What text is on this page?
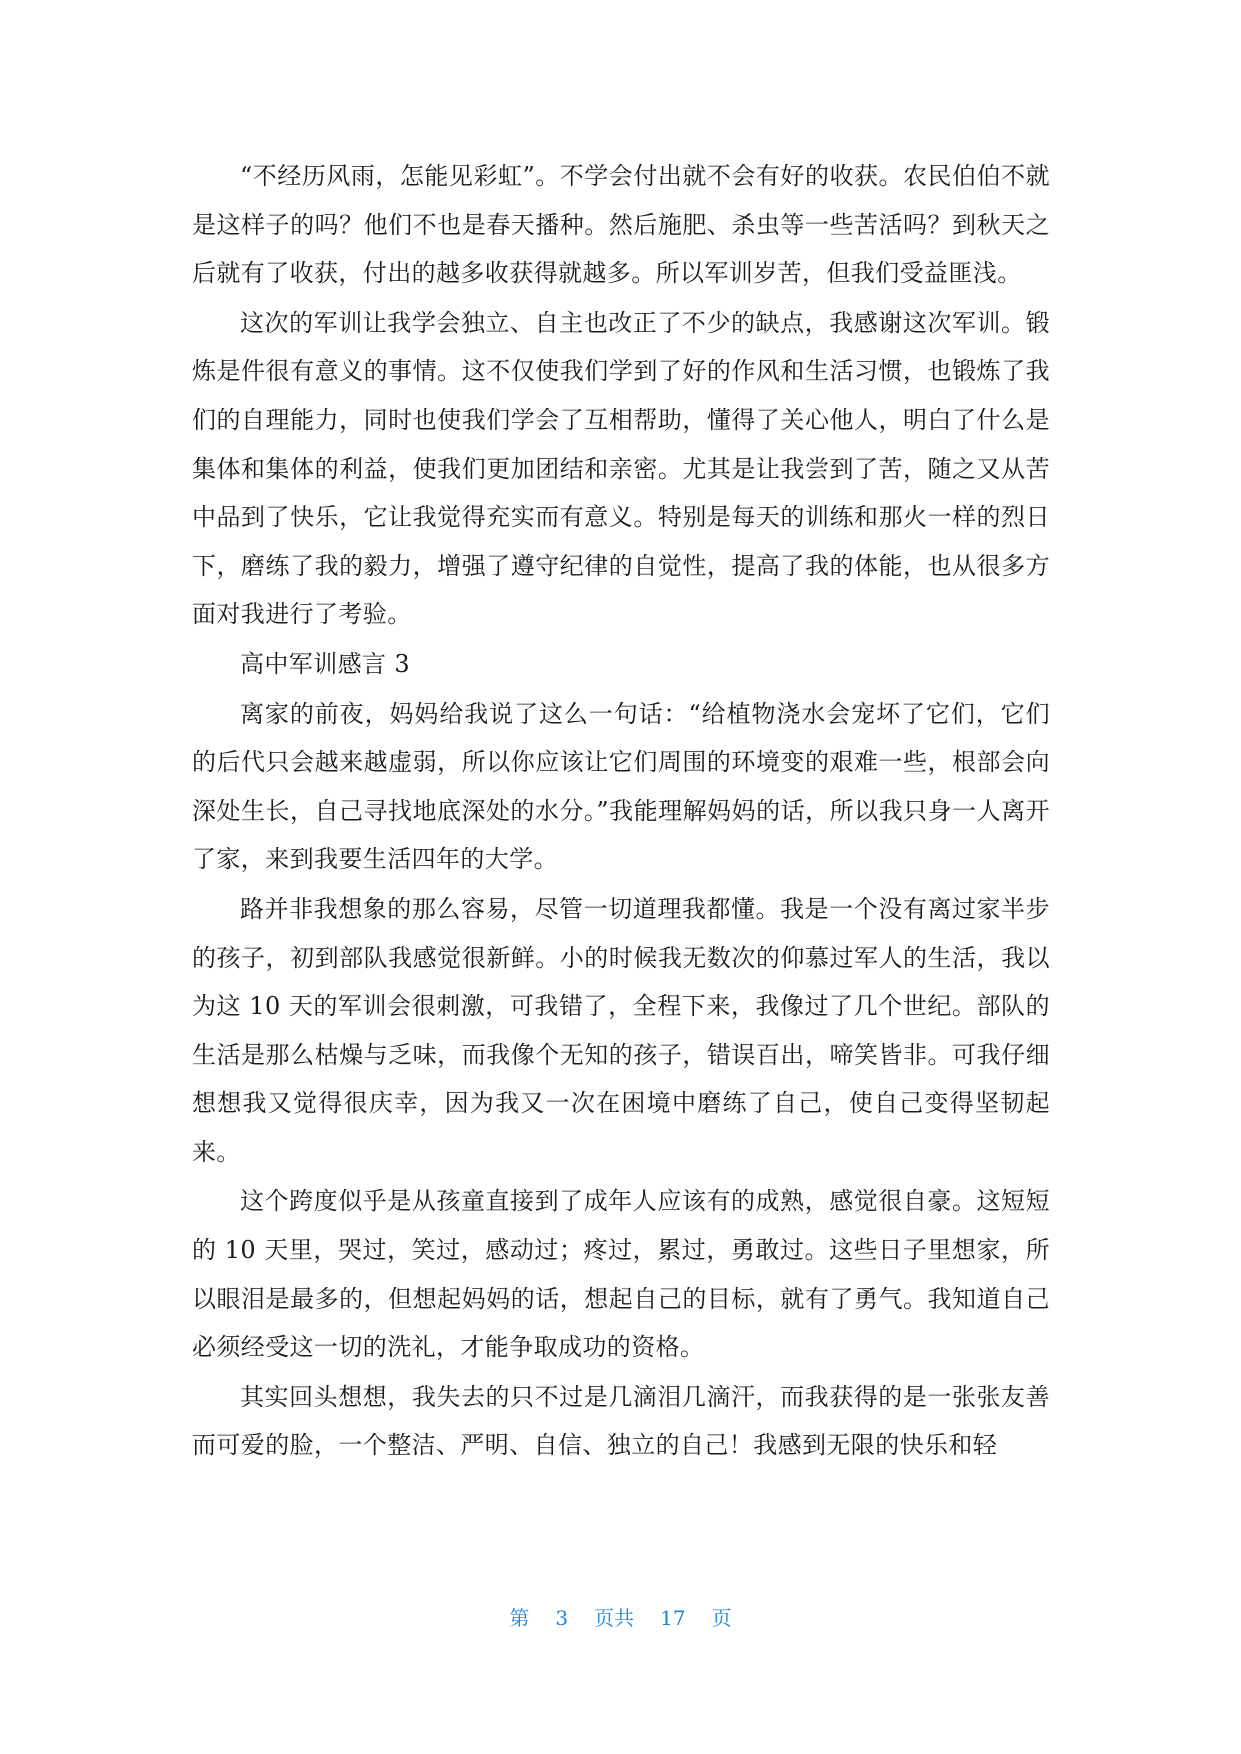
“不经历风雨，怎能见彩虹”。不学会付出就不会有好的收获。农民伯伯不就是这样子的吗？他们不也是春天播种。然后施肥、杀虫等一些苦活吗？到秋天之后就有了收获，付出的越多收获得就越多。所以军训岁苦，但我们受益匪浅。

这次的军训让我学会独立、自主也改正了不少的缺点，我感谢这次军训。锻炼是件很有意义的事情。这不仅使我们学到了好的作风和生活习惯，也锻炼了我们的自理能力，同时也使我们学会了互相帮助，懂得了关心他人，明白了什么是集体和集体的利益，使我们更加团结和亲密。尤其是让我尝到了苦，随之又从苦中品到了快乐，它让我觉得充实而有意义。特别是每天的训练和那火一样的烈日下，磨练了我的毅力，增强了遵守纪律的自觉性，提高了我的体能，也从很多方面对我进行了考验。

高中军训感言 3

离家的前夜，妈妈给我说了这么一句话：“给植物浇水会宠坏了它们，它们的后代只会越来越虚弱，所以你应该让它们周围的环境变的艰难一些，根部会向深处生长，自己寻找地底深处的水分。”我能理解妈妈的话，所以我只身一人离开了家，来到我要生活四年的大学。

路并非我想象的那么容易，尽管一切道理我都懂。我是一个没有离过家半步的孩子，初到部队我感觉很新鲜。小的时候我无数次的仰慕过军人的生活，我以为这 10 天的军训会很刺激，可我错了，全程下来，我像过了几个世纪。部队的生活是那么枯燥与乏味，而我像个无知的孩子，错误百出，啼笑皆非。可我仔细想想我又觉得很庆幸，因为我又一次在困境中磨练了自己，使自己变得坚韧起来。

这个跨度似乎是从孩童直接到了成年人应该有的成熟，感觉很自豪。这短短的 10 天里，哭过，笑过，感动过；疼过，累过，勇敢过。这些日子里想家，所以眼泪是最多的，但想起妈妈的话，想起自己的目标，就有了勇气。我知道自己必须经受这一切的洗礼，才能争取成功的资格。

其实回头想想，我失去的只不过是几滴泪几滴汗，而我获得的是一张张友善而可爱的脸，一个整洁、严明、自信、独立的自己！我感到无限的快乐和轻

第 3 页共 17 页
